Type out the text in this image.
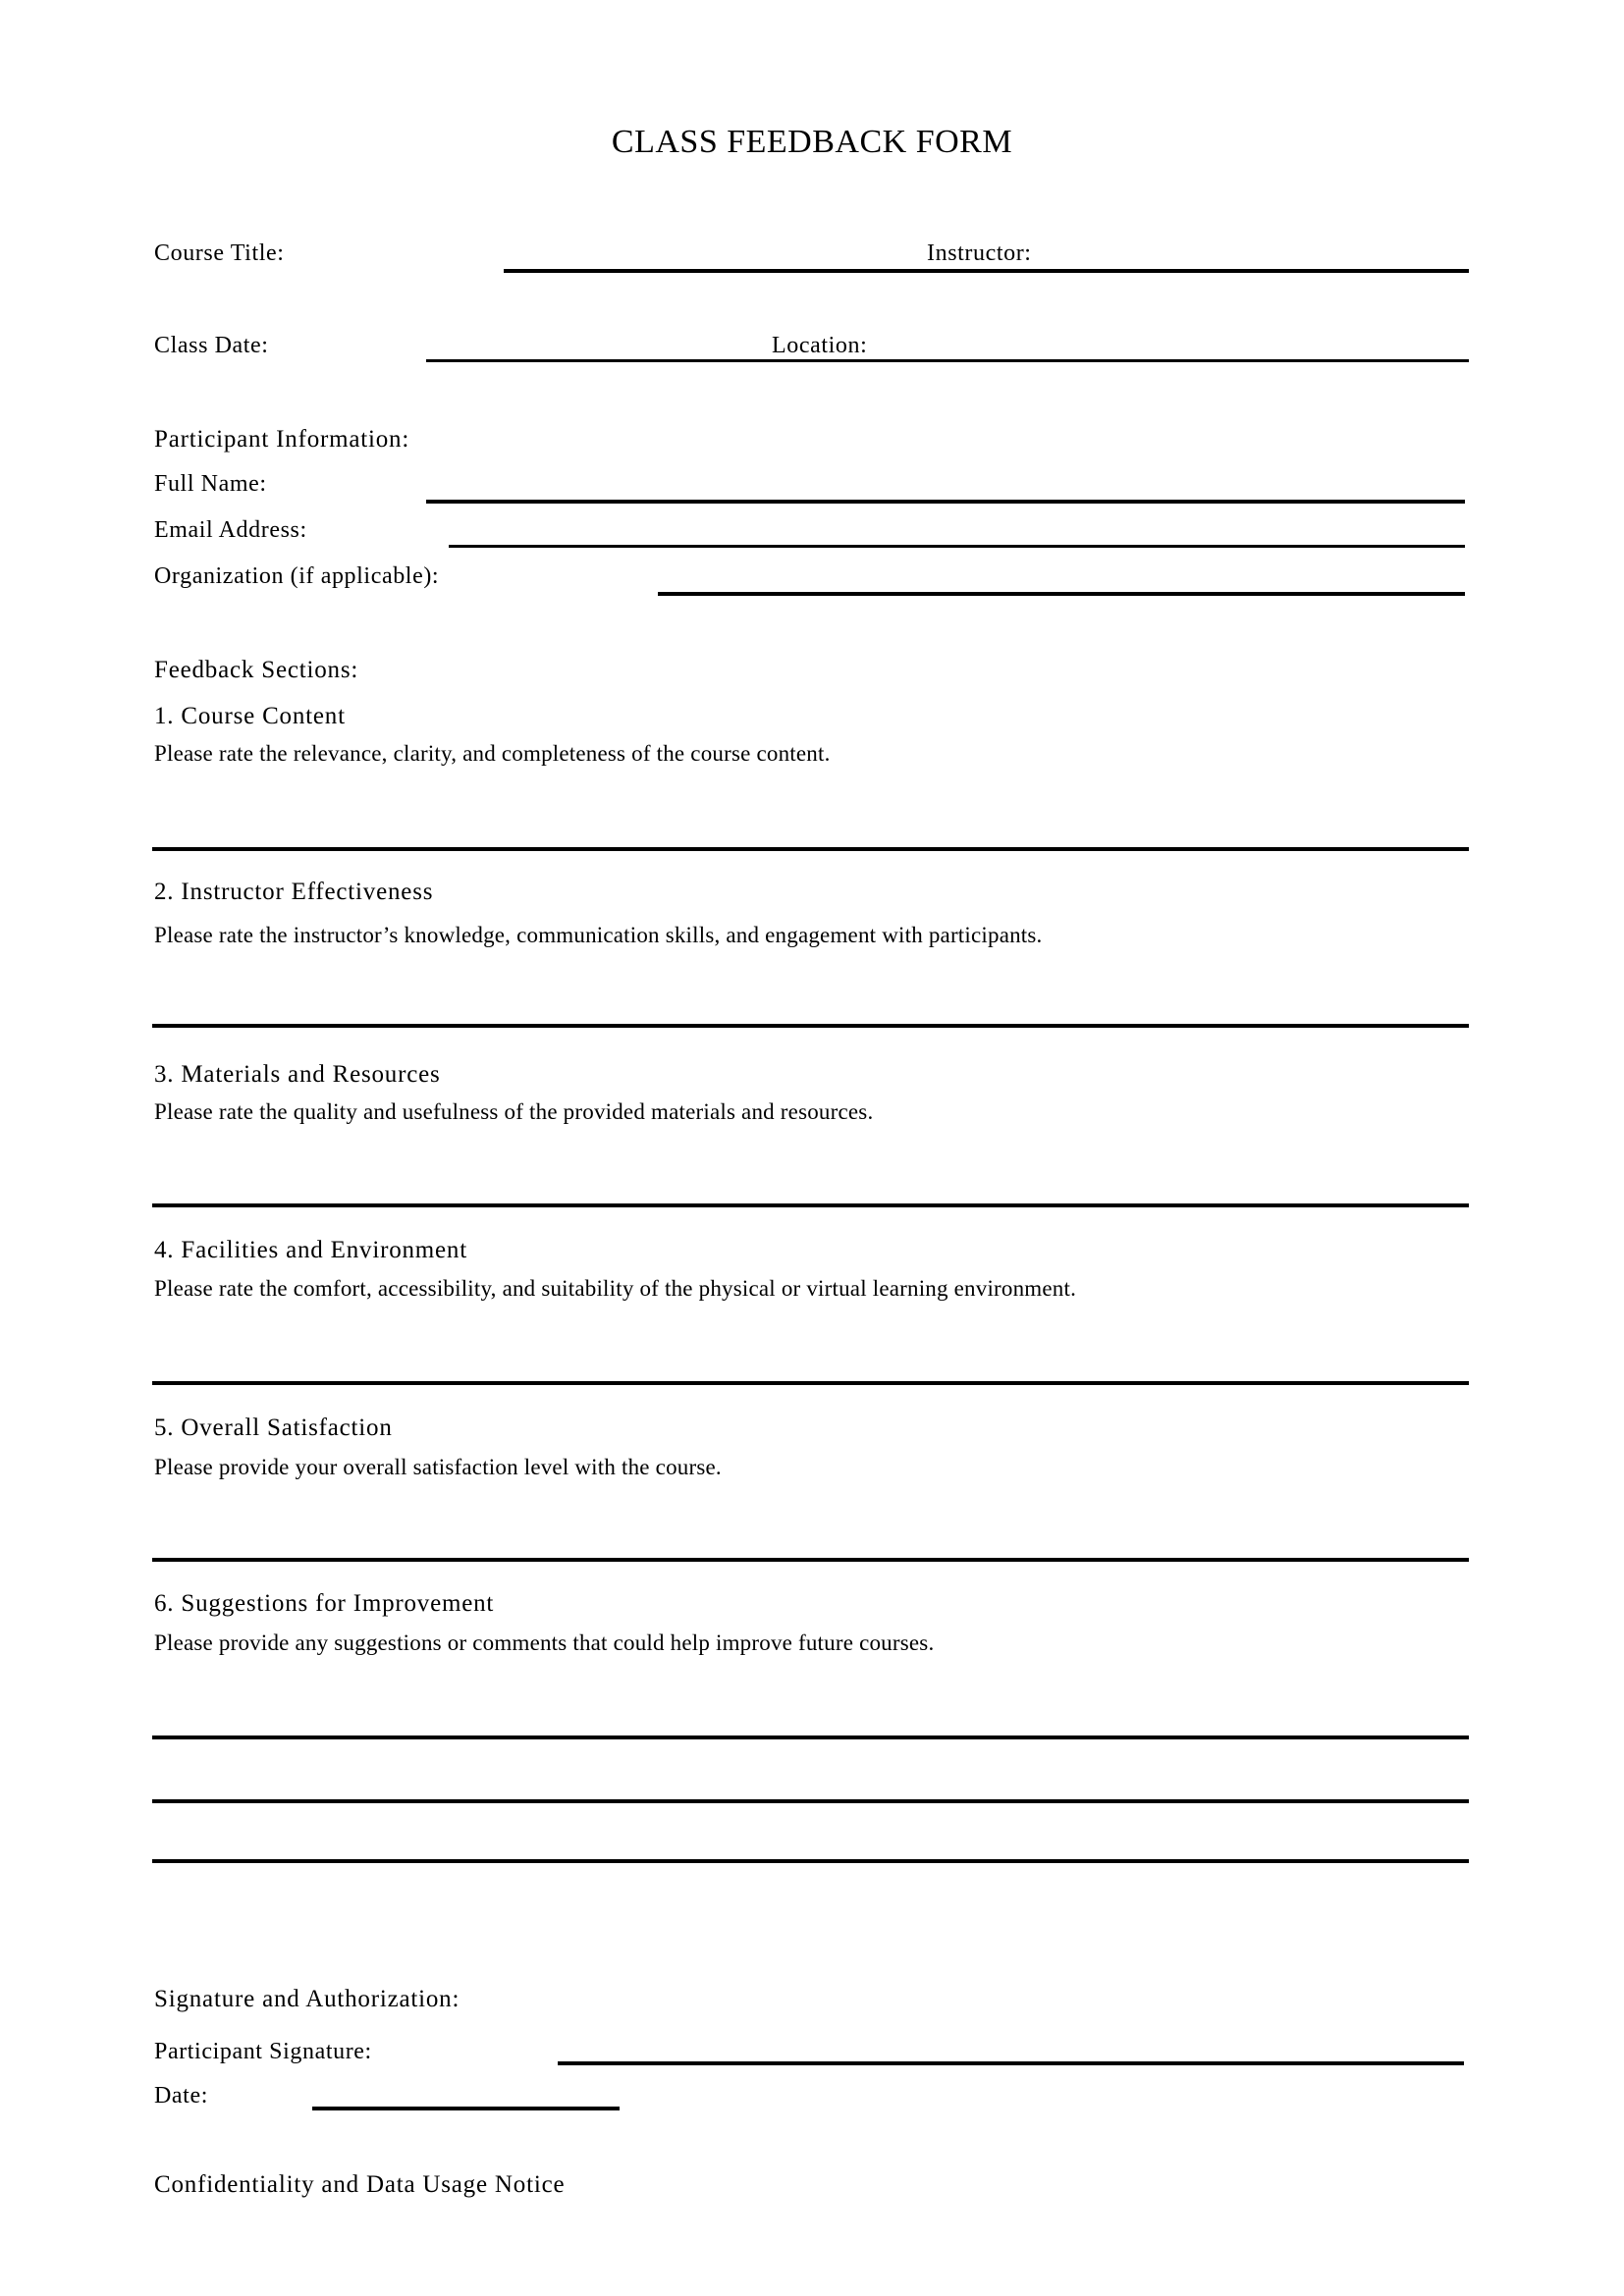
CLASS FEEDBACK FORM
Course Title:	Instructor:
Class Date:	Location:
Participant Information:
Full Name:
Email Address:
Organization (if applicable):
Feedback Sections:
1. Course Content
Please rate the relevance, clarity, and completeness of the course content.
2. Instructor Effectiveness
Please rate the instructor’s knowledge, communication skills, and engagement with participants.
3. Materials and Resources
Please rate the quality and usefulness of the provided materials and resources.
4. Facilities and Environment
Please rate the comfort, accessibility, and suitability of the physical or virtual learning environment.
5. Overall Satisfaction
Please provide your overall satisfaction level with the course.
6. Suggestions for Improvement
Please provide any suggestions or comments that could help improve future courses.
Signature and Authorization:
Participant Signature:
Date:
Confidentiality and Data Usage Notice
